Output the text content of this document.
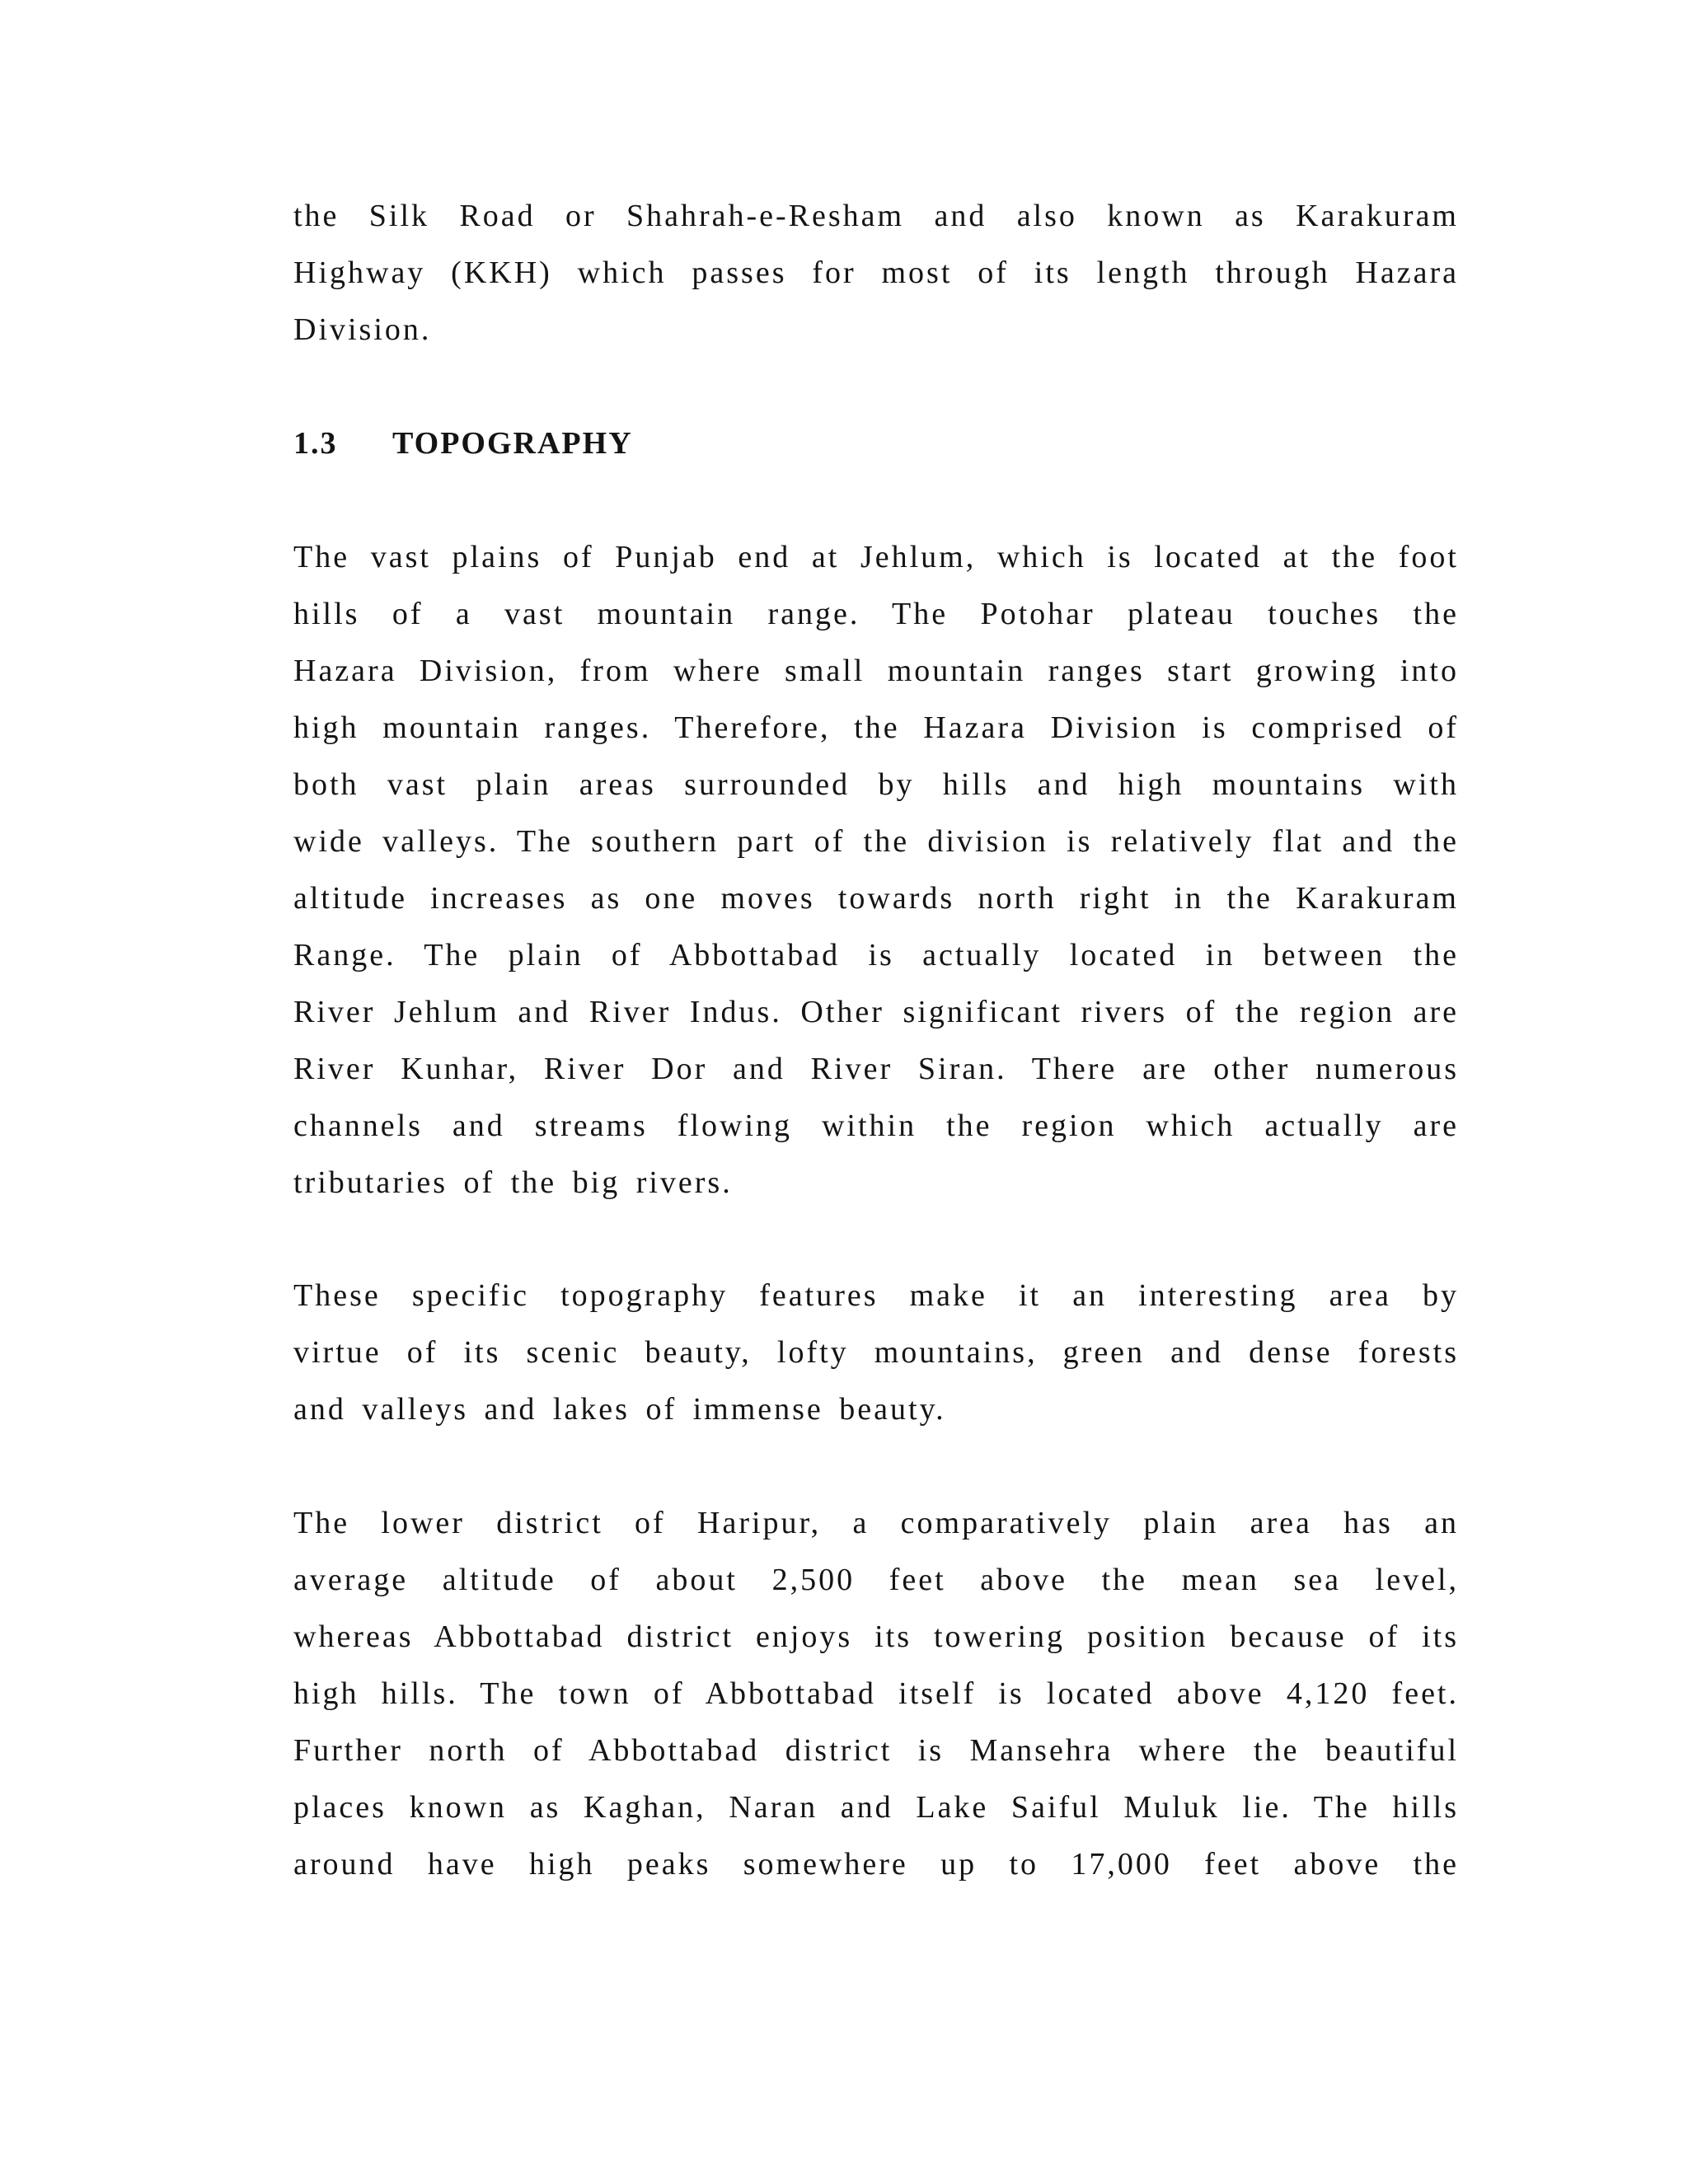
the Silk Road or Shahrah-e-Resham and also known as Karakuram
Highway (KKH) which passes for most of its length through Hazara
Division.
1.3 TOPOGRAPHY
The vast plains of Punjab end at Jehlum, which is located at the foot
hills of a vast mountain range. The Potohar plateau touches the
Hazara Division, from where small mountain ranges start growing into
high mountain ranges. Therefore, the Hazara Division is comprised of
both vast plain areas surrounded by hills and high mountains with
wide valleys. The southern part of the division is relatively flat and the
altitude increases as one moves towards north right in the Karakuram
Range. The plain of Abbottabad is actually located in between the
River Jehlum and River Indus. Other significant rivers of the region are
River Kunhar, River Dor and River Siran. There are other numerous
channels and streams flowing within the region which actually are
tributaries of the big rivers.
These specific topography features make it an interesting area by
virtue of its scenic beauty, lofty mountains, green and dense forests
and valleys and lakes of immense beauty.
The lower district of Haripur, a comparatively plain area has an
average altitude of about 2,500 feet above the mean sea level,
whereas Abbottabad district enjoys its towering position because of its
high hills. The town of Abbottabad itself is located above 4,120 feet.
Further north of Abbottabad district is Mansehra where the beautiful
places known as Kaghan, Naran and Lake Saiful Muluk lie. The hills
around have high peaks somewhere up to 17,000 feet above the
